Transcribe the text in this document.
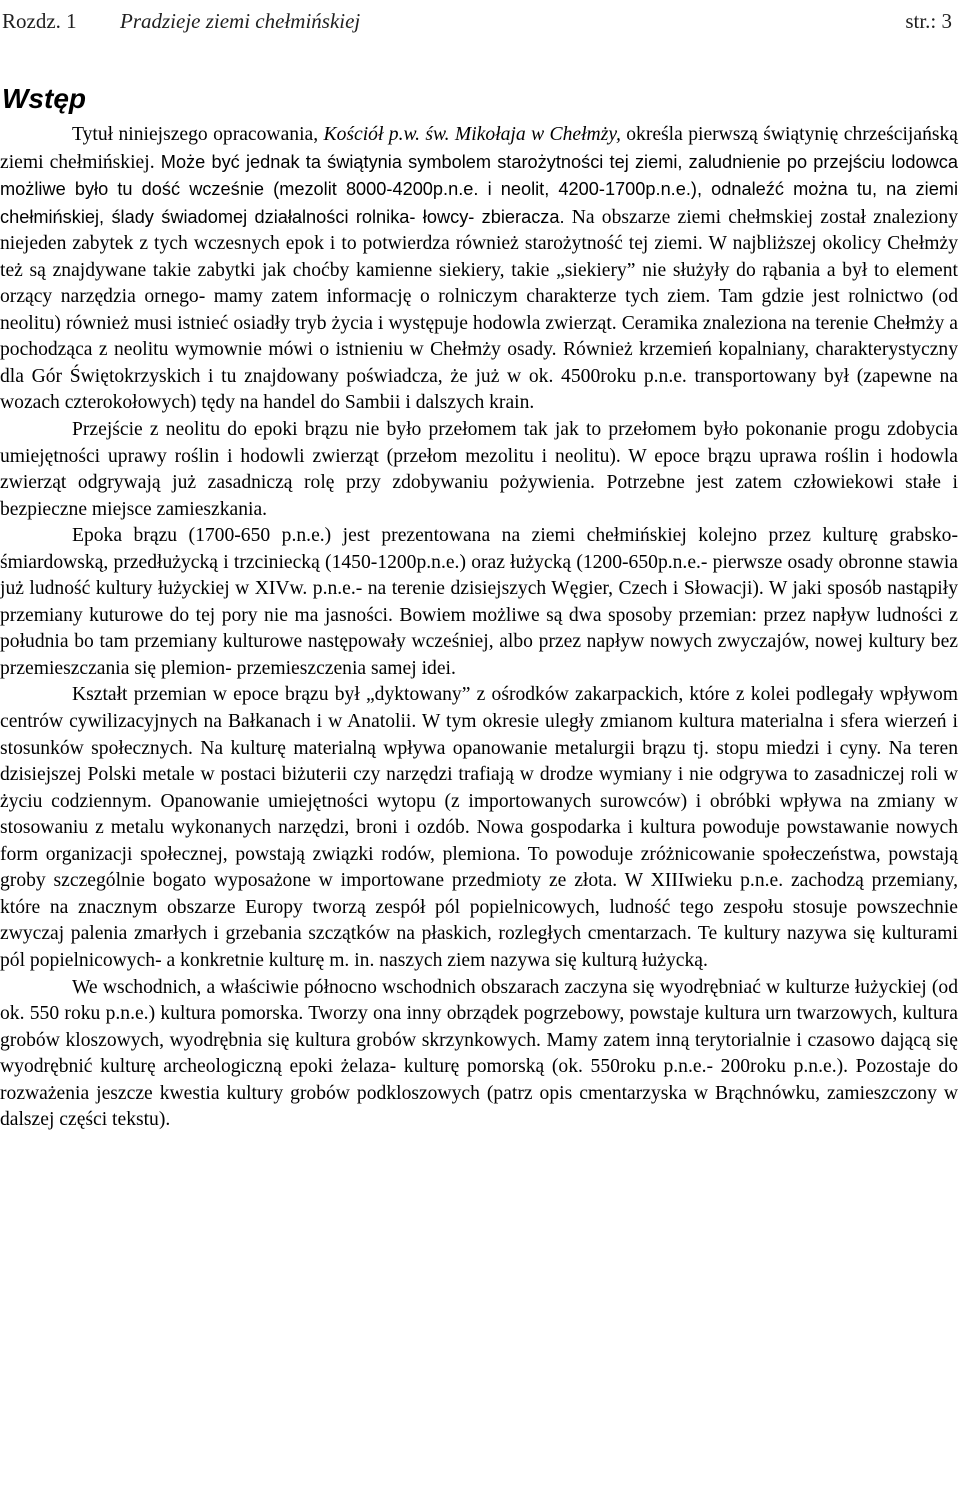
Rozdz. 1 Pradzieje ziemi chełmińskiej	str.: 3
Wstęp

Tytuł niniejszego opracowania, Kościół p.w. św. Mikołaja w Chełmży, określa pierwszą świątynię chrześcijańską ziemi chełmińskiej. Może być jednak ta świątynia symbolem starożytności tej ziemi, zaludnienie po przejściu lodowca możliwe było tu dość wcześnie (mezolit 8000-4200p.n.e. i neolit, 4200-1700p.n.e.), odnaleźć można tu, na ziemi chełmińskiej, ślady świadomej działalności rolnika- łowcy- zbieracza. Na obszarze ziemi chełmskiej został znaleziony niejeden zabytek z tych wczesnych epok i to potwierdza również starożytność tej ziemi. W najbliższej okolicy Chełmży też są znajdywane takie zabytki jak choćby kamienne siekiery, takie „siekiery” nie służyły do rąbania a był to element orzący narzędzia ornego- mamy zatem informację o rolniczym charakterze tych ziem. Tam gdzie jest rolnictwo (od neolitu) również musi istnieć osiadły tryb życia i występuje hodowla zwierząt. Ceramika znaleziona na terenie Chełmży a pochodząca z neolitu wymownie mówi o istnieniu w Chełmży osady. Również krzemień kopalniany, charakterystyczny dla Gór Świętokrzyskich i tu znajdowany poświadcza, że już w ok. 4500roku p.n.e. transportowany był (zapewne na wozach czterokołowych) tędy na handel do Sambii i dalszych krain.

Przejście z neolitu do epoki brązu nie było przełomem tak jak to przełomem było pokonanie progu zdobycia umiejętności uprawy roślin i hodowli zwierząt (przełom mezolitu i neolitu). W epoce brązu uprawa roślin i hodowla zwierząt odgrywają już zasadniczą rolę przy zdobywaniu pożywienia. Potrzebne jest zatem człowiekowi stałe i bezpieczne miejsce zamieszkania.

Epoka brązu (1700-650 p.n.e.) jest prezentowana na ziemi chełmińskiej kolejno przez kulturę grabsko- śmiardowską, przedłużycką i trzciniecką (1450-1200p.n.e.) oraz łużycką (1200-650p.n.e.- pierwsze osady obronne stawia już ludność kultury łużyckiej w XIVw. p.n.e.- na terenie dzisiejszych Węgier, Czech i Słowacji). W jaki sposób nastąpiły przemiany kuturowe do tej pory nie ma jasności. Bowiem możliwe są dwa sposoby przemian: przez napływ ludności z południa bo tam przemiany kulturowe następowały wcześniej, albo przez napływ nowych zwyczajów, nowej kultury bez przemieszczania się plemion- przemieszczenia samej idei.

Kształt przemian w epoce brązu był „dyktowany” z ośrodków zakarpackich, które z kolei podlegały wpływom centrów cywilizacyjnych na Bałkanach i w Anatolii. W tym okresie uległy zmianom kultura materialna i sfera wierzeń i stosunków społecznych. Na kulturę materialną wpływa opanowanie metalurgii brązu tj. stopu miedzi i cyny. Na teren dzisiejszej Polski metale w postaci biżuterii czy narzędzi trafiają w drodze wymiany i nie odgrywa to zasadniczej roli w życiu codziennym. Opanowanie umiejętności wytopu (z importowanych surowców) i obróbki wpływa na zmiany w stosowaniu z metalu wykonanych narzędzi, broni i ozdób. Nowa gospodarka i kultura powoduje powstawanie nowych form organizacji społecznej, powstają związki rodów, plemiona. To powoduje zróżnicowanie społeczeństwa, powstają groby szczególnie bogato wyposażone w importowane przedmioty ze złota. W XIIIwieku p.n.e. zachodzą przemiany, które na znacznym obszarze Europy tworzą zespół pól popielnicowych, ludność tego zespołu stosuje powszechnie zwyczaj palenia zmarłych i grzebania szczątków na płaskich, rozległych cmentarzach. Te kultury nazywa się kulturami pól popielnicowych- a konkretnie kulturę m. in. naszych ziem nazywa się kulturą łużycką.

We wschodnich, a właściwie północno wschodnich obszarach zaczyna się wyodrębniać w kulturze łużyckiej (od ok. 550 roku p.n.e.) kultura pomorska. Tworzy ona inny obrządek pogrzebowy, powstaje kultura urn twarzowych, kultura grobów kloszowych, wyodrębnia się kultura grobów skrzynkowych. Mamy zatem inną terytorialnie i czasowo dającą się wyodrębnić kulturę archeologiczną epoki żelaza- kulturę pomorską (ok. 550roku p.n.e.- 200roku p.n.e.). Pozostaje do rozważenia jeszcze kwestia kultury grobów podkloszowych (patrz opis cmentarzyska w Brąchnówku, zamieszczony w dalszej części tekstu).
